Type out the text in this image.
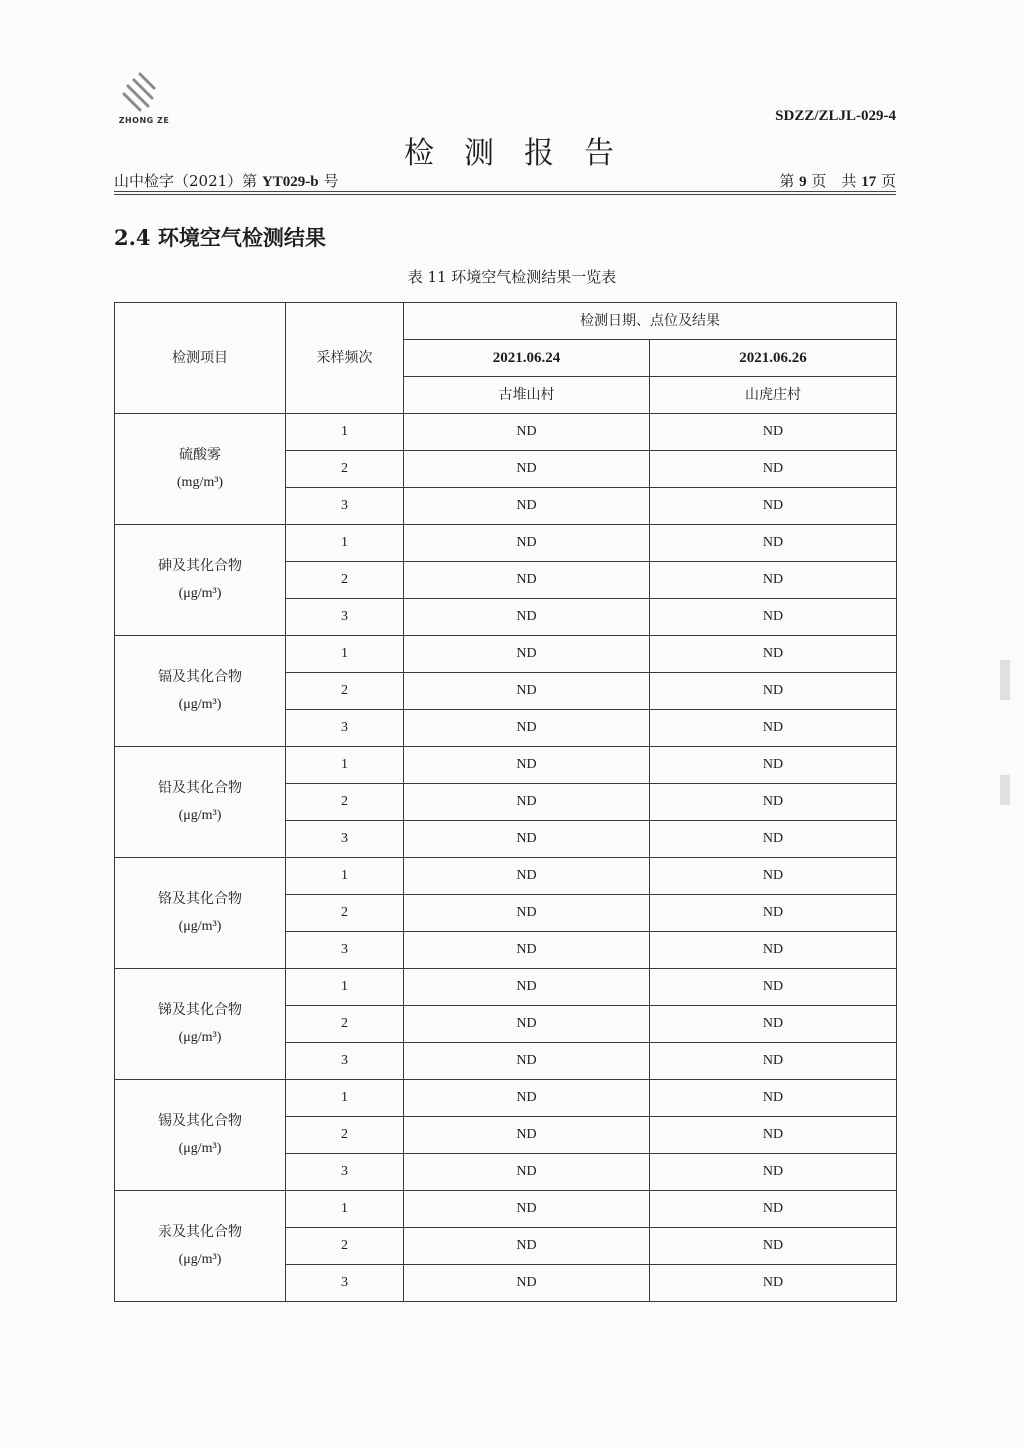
ZHONG ZE	SDZZ/ZLJL-029-4
检测报告
山中检字（2021）第 YT029-b 号	第 9 页　共 17 页
2.4 环境空气检测结果
表 11 环境空气检测结果一览表
检测项目	采样频次	检测日期、点位及结果	
		2021.06.24	2021.06.26
		古堆山村	山虎庄村

硫酸雾
(mg/m³)	1	ND	ND
	2	ND	ND
	3	ND	ND

砷及其化合物
(μg/m³)	1	ND	ND
	2	ND	ND
	3	ND	ND

镉及其化合物
(μg/m³)	1	ND	ND
	2	ND	ND
	3	ND	ND

铅及其化合物
(μg/m³)	1	ND	ND
	2	ND	ND
	3	ND	ND

铬及其化合物
(μg/m³)	1	ND	ND
	2	ND	ND
	3	ND	ND

锑及其化合物
(μg/m³)	1	ND	ND
	2	ND	ND
	3	ND	ND

锡及其化合物
(μg/m³)	1	ND	ND
	2	ND	ND
	3	ND	ND

汞及其化合物
(μg/m³)	1	ND	ND
	2	ND	ND
	3	ND	ND
